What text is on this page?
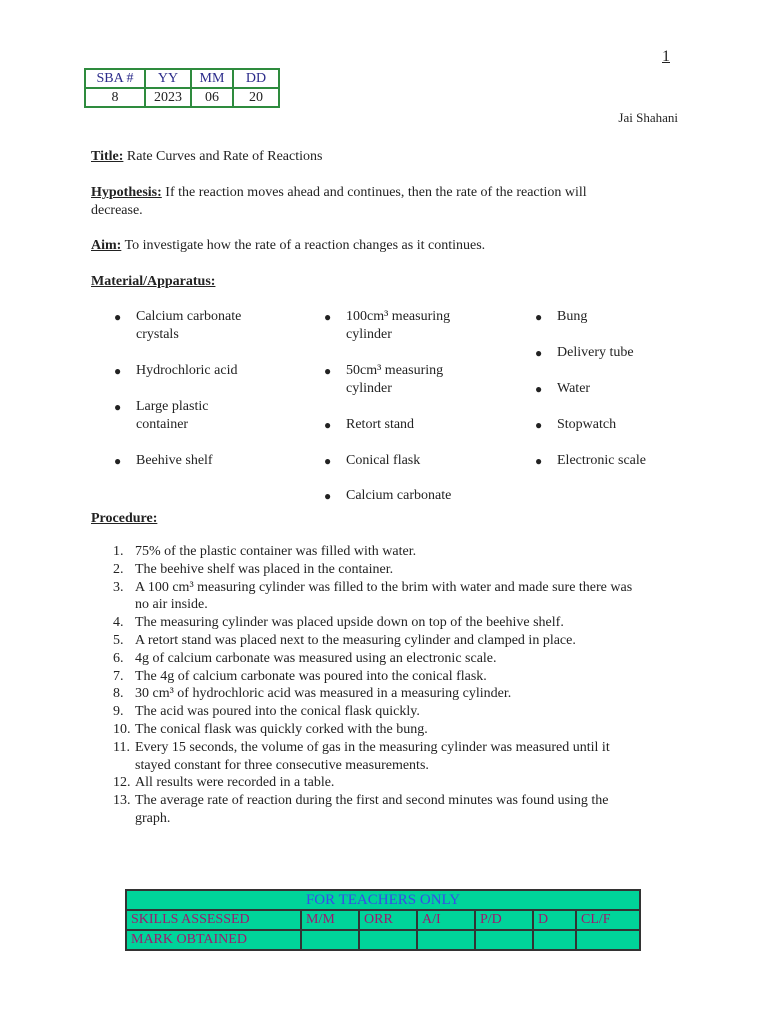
1
SBA #	YY	MM	DD
8	2023	06	20
Jai Shahani
Title: Rate Curves and Rate of Reactions
Hypothesis: If the reaction moves ahead and continues, then the rate of the reaction will
decrease.
Aim: To investigate how the rate of a reaction changes as it continues.
Material/Apparatus:
● Calcium carbonate
crystals
● Hydrochloric acid
● Large plastic
container
● Beehive shelf
● 100cm³ measuring
cylinder
● 50cm³ measuring
cylinder
● Retort stand
● Conical flask
● Calcium carbonate
● Bung
● Delivery tube
● Water
● Stopwatch
● Electronic scale
Procedure:
1. 75% of the plastic container was filled with water.
2. The beehive shelf was placed in the container.
3. A 100 cm³ measuring cylinder was filled to the brim with water and made sure there was
no air inside.
4. The measuring cylinder was placed upside down on top of the beehive shelf.
5. A retort stand was placed next to the measuring cylinder and clamped in place.
6. 4g of calcium carbonate was measured using an electronic scale.
7. The 4g of calcium carbonate was poured into the conical flask.
8. 30 cm³ of hydrochloric acid was measured in a measuring cylinder.
9. The acid was poured into the conical flask quickly.
10. The conical flask was quickly corked with the bung.
11. Every 15 seconds, the volume of gas in the measuring cylinder was measured until it
stayed constant for three consecutive measurements.
12. All results were recorded in a table.
13. The average rate of reaction during the first and second minutes was found using the
graph.
FOR TEACHERS ONLY						
SKILLS ASSESSED	M/M	ORR	A/I	P/D	D	CL/F
MARK OBTAINED						
